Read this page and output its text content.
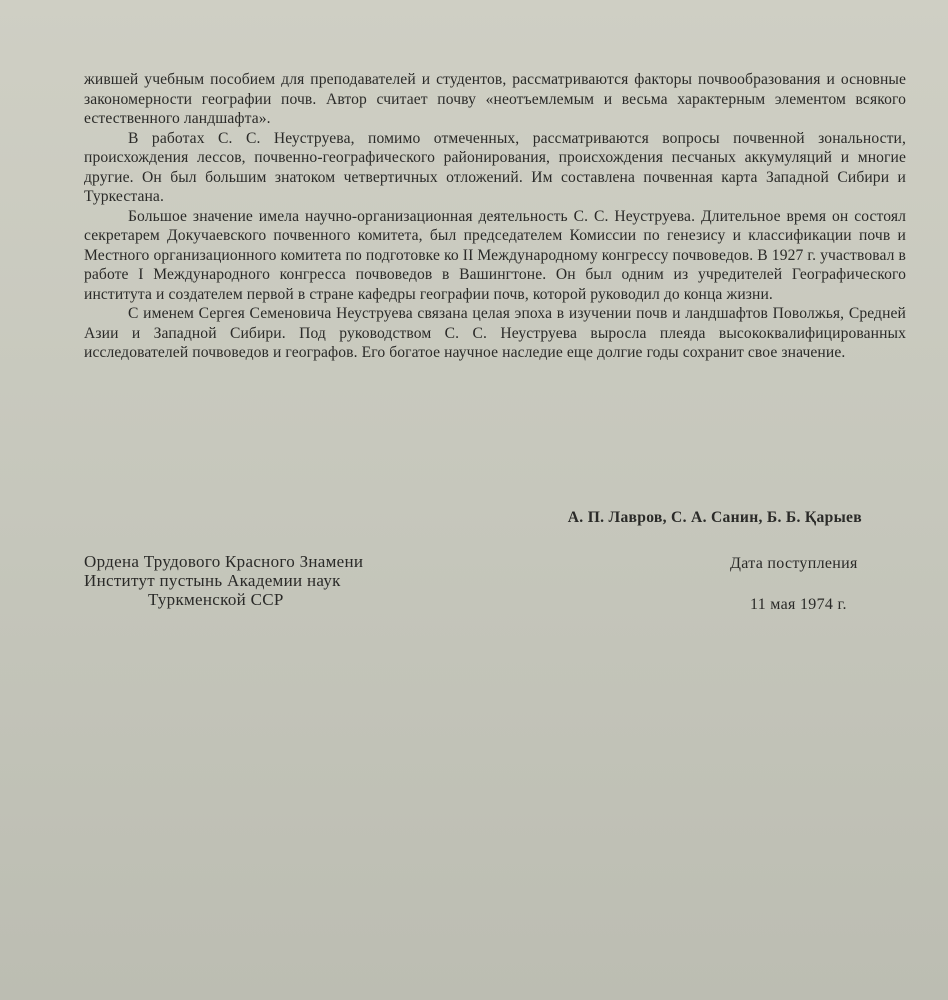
жившей учебным пособием для преподавателей и студентов, рассматриваются факторы почвообразования и основные закономерности географии почв. Автор считает почву «неотъемлемым и весьма характерным элементом всякого естественного ландшафта».

В работах С. С. Неуструева, помимо отмеченных, рассматриваются вопросы почвенной зональности, происхождения лессов, почвенно-географического районирования, происхождения песчаных аккумуляций и многие другие. Он был большим знатоком четвертичных отложений. Им составлена почвенная карта Западной Сибири и Туркестана.

Большое значение имела научно-организационная деятельность С. С. Неуструева. Длительное время он состоял секретарем Докучаевского почвенного комитета, был председателем Комиссии по генезису и классификации почв и Местного организационного комитета по подготовке ко II Международному конгрессу почвоведов. В 1927 г. участвовал в работе I Международного конгресса почвоведов в Вашингтоне. Он был одним из учредителей Географического института и создателем первой в стране кафедры географии почв, которой руководил до конца жизни.

С именем Сергея Семеновича Неуструева связана целая эпоха в изучении почв и ландшафтов Поволжья, Средней Азии и Западной Сибири. Под руководством С. С. Неуструева выросла плеяда высококвалифицированных исследователей почвоведов и географов. Его богатое научное наследие еще долгие годы сохранит свое значение.

А. П. Лавров, С. А. Санин, Б. Б. Қарыев
Ордена Трудового Красного Знамени
Институт пустынь Академии наук
Туркменской ССР
Дата поступления
11 мая 1974 г.
